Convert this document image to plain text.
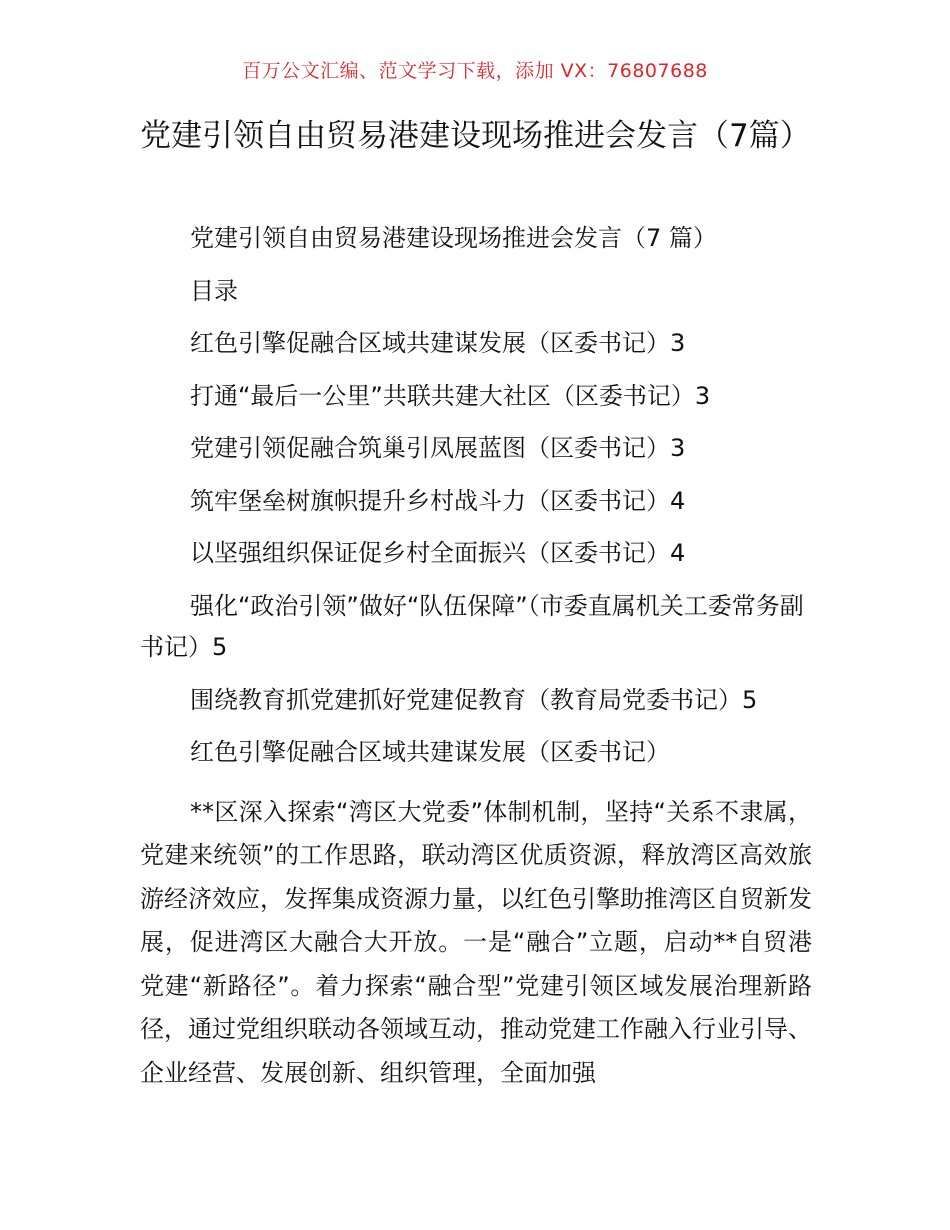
百万公文汇编、范文学习下载，添加 VX：76807688
党建引领自由贸易港建设现场推进会发言（7篇）

党建引领自由贸易港建设现场推进会发言（7 篇）

目录

红色引擎促融合区域共建谋发展（区委书记）3

打通“最后一公里”共联共建大社区（区委书记）3

党建引领促融合筑巢引凤展蓝图（区委书记）3

筑牢堡垒树旗帜提升乡村战斗力（区委书记）4

以坚强组织保证促乡村全面振兴（区委书记）4

强化“政治引领”做好“队伍保障”（市委直属机关工委常务副书记）5

围绕教育抓党建抓好党建促教育（教育局党委书记）5

红色引擎促融合区域共建谋发展（区委书记）

**区深入探索“湾区大党委”体制机制，坚持“关系不隶属，党建来统领”的工作思路，联动湾区优质资源，释放湾区高效旅游经济效应，发挥集成资源力量，以红色引擎助推湾区自贸新发展，促进湾区大融合大开放。一是“融合”立题，启动**自贸港党建“新路径”。着力探索“融合型”党建引领区域发展治理新路径，通过党组织联动各领域互动，推动党建工作融入行业引导、企业经营、发展创新、组织管理，全面加强
